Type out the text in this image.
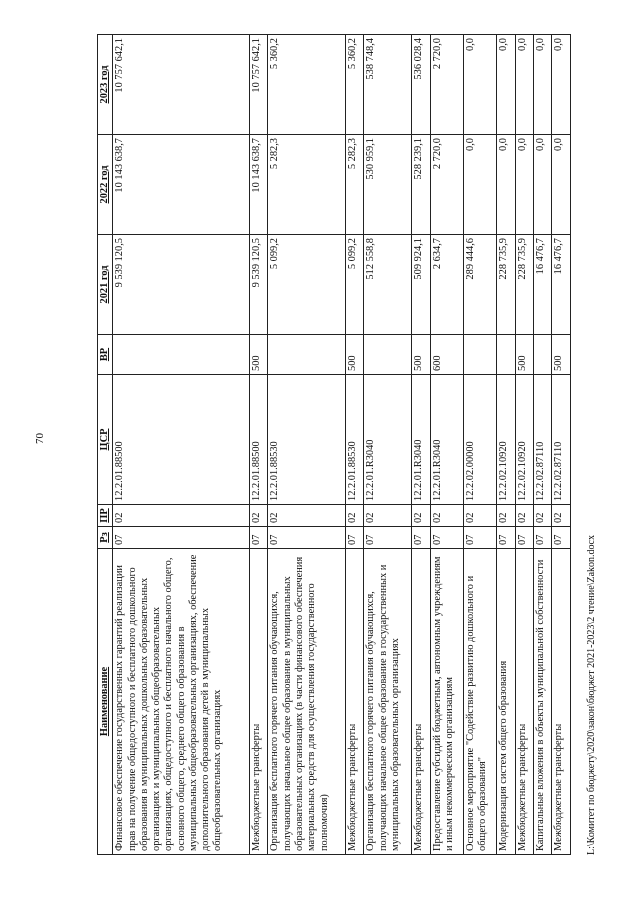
70
L:\Комитет по бюджету\2020\закон\бюджет 2021-2023\2 чтение\Zakon.docx
Наименование	Рз	ПР	ЦСР	ВР	2021 год	2022 год	2023 год
Финансовое обеспечение государственных гарантий реализации прав на получение общедоступного и бесплатного дошкольного образования в муниципальных дошкольных образовательных организациях и муниципальных общеобразовательных организациях, общедоступного и бесплатного начального общего, основного общего, среднего общего образования в муниципальных общеобразовательных организациях, обеспечение дополнительного образования детей в муниципальных общеобразовательных организациях	07	02	12.2.01.88500		9 539 120,5	10 143 638,7	10 757 642,1
Межбюджетные трансферты	07	02	12.2.01.88500	500	9 539 120,5	10 143 638,7	10 757 642,1
Организация бесплатного горячего питания обучающихся, получающих начальное общее образование в муниципальных образовательных организациях (в части финансового обеспечения материальных средств для осуществления государственного полномочия)	07	02	12.2.01.88530		5 099,2	5 282,3	5 360,2
Межбюджетные трансферты	07	02	12.2.01.88530	500	5 099,2	5 282,3	5 360,2
Организация бесплатного горячего питания обучающихся, получающих начальное общее образование в государственных и муниципальных образовательных организациях	07	02	12.2.01.R3040		512 558,8	530 959,1	538 748,4
Межбюджетные трансферты	07	02	12.2.01.R3040	500	509 924,1	528 239,1	536 028,4
Предоставление субсидий бюджетным, автономным учреждениям и иным некоммерческим организациям	07	02	12.2.01.R3040	600	2 634,7	2 720,0	2 720,0
Основное мероприятие "Содействие развитию дошкольного и общего образования"	07	02	12.2.02.00000		289 444,6	0,0	0,0
Модернизация систем общего образования	07	02	12.2.02.10920		228 735,9	0,0	0,0
Межбюджетные трансферты	07	02	12.2.02.10920	500	228 735,9	0,0	0,0
Капитальные вложения в объекты муниципальной собственности	07	02	12.2.02.87110		16 476,7	0,0	0,0
Межбюджетные трансферты	07	02	12.2.02.87110	500	16 476,7	0,0	0,0
